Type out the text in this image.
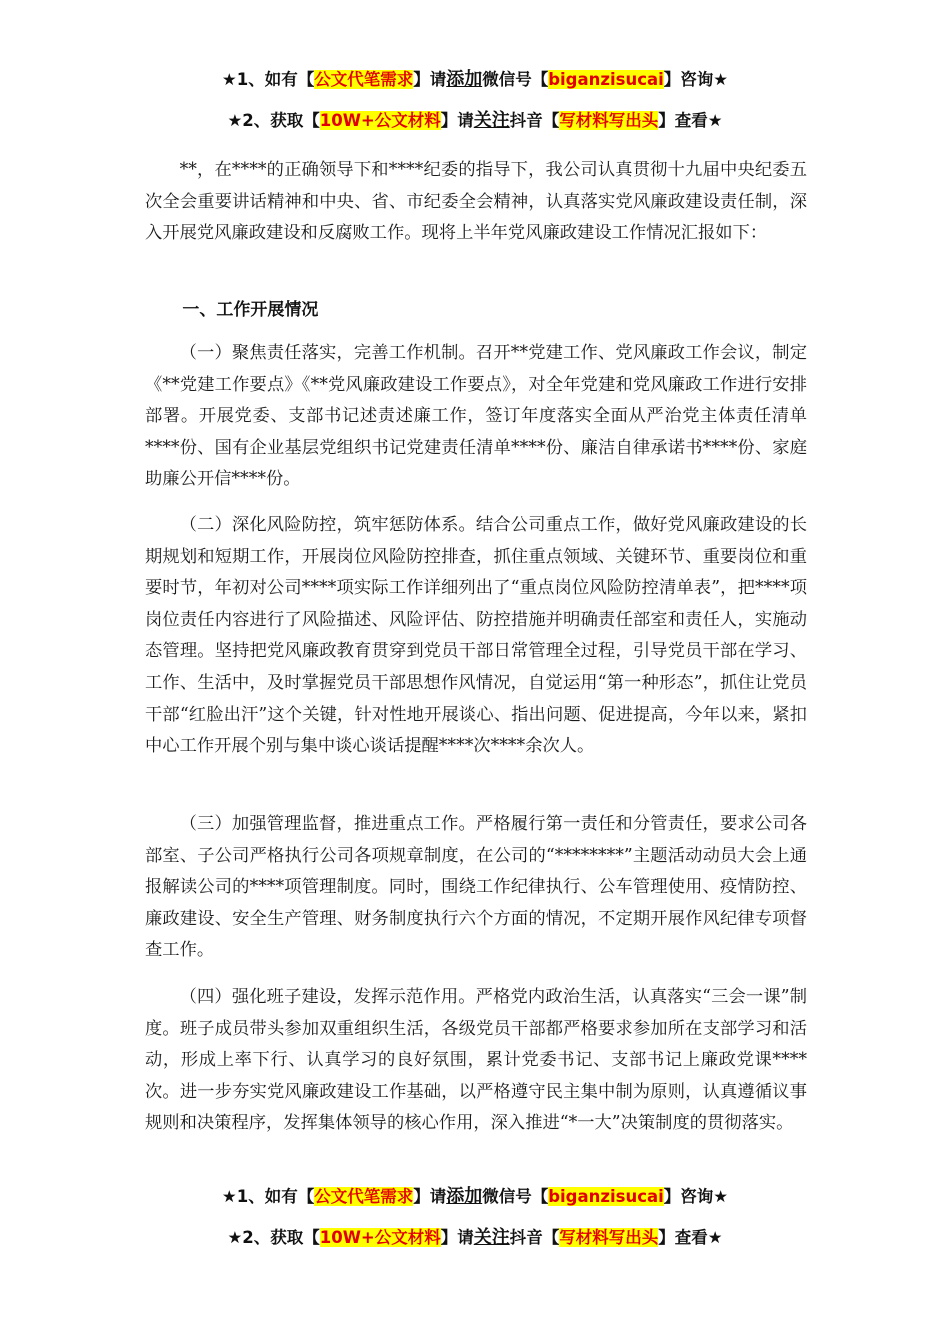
★1、如有【公文代笔需求】请添加微信号【biganzisucai】咨询★
★2、获取【10W+公文材料】请关注抖音【写材料写出头】查看★

**，在****的正确领导下和****纪委的指导下，我公司认真贯彻十九届中央纪委五次全会重要讲话精神和中央、省、市纪委全会精神，认真落实党风廉政建设责任制，深入开展党风廉政建设和反腐败工作。现将上半年党风廉政建设工作情况汇报如下：

一、工作开展情况

（一）聚焦责任落实，完善工作机制。召开**党建工作、党风廉政工作会议，制定《**党建工作要点》《**党风廉政建设工作要点》，对全年党建和党风廉政工作进行安排部署。开展党委、支部书记述责述廉工作，签订年度落实全面从严治党主体责任清单****份、国有企业基层党组织书记党建责任清单****份、廉洁自律承诺书****份、家庭助廉公开信****份。

（二）深化风险防控，筑牢惩防体系。结合公司重点工作，做好党风廉政建设的长期规划和短期工作，开展岗位风险防控排查，抓住重点领域、关键环节、重要岗位和重要时节，年初对公司****项实际工作详细列出了“重点岗位风险防控清单表”，把****项岗位责任内容进行了风险描述、风险评估、防控措施并明确责任部室和责任人，实施动态管理。坚持把党风廉政教育贯穿到党员干部日常管理全过程，引导党员干部在学习、工作、生活中，及时掌握党员干部思想作风情况，自觉运用“第一种形态”，抓住让党员干部“红脸出汗”这个关键，针对性地开展谈心、指出问题、促进提高，今年以来，紧扣中心工作开展个别与集中谈心谈话提醒****次****余次人。

（三）加强管理监督，推进重点工作。严格履行第一责任和分管责任，要求公司各部室、子公司严格执行公司各项规章制度，在公司的“********”主题活动动员大会上通报解读公司的****项管理制度。同时，围绕工作纪律执行、公车管理使用、疫情防控、廉政建设、安全生产管理、财务制度执行六个方面的情况，不定期开展作风纪律专项督查工作。

（四）强化班子建设，发挥示范作用。严格党内政治生活，认真落实“三会一课”制度。班子成员带头参加双重组织生活，各级党员干部都严格要求参加所在支部学习和活动，形成上率下行、认真学习的良好氛围，累计党委书记、支部书记上廉政党课****次。进一步夯实党风廉政建设工作基础，以严格遵守民主集中制为原则，认真遵循议事规则和决策程序，发挥集体领导的核心作用，深入推进“*一大”决策制度的贯彻落实。

★1、如有【公文代笔需求】请添加微信号【biganzisucai】咨询★
★2、获取【10W+公文材料】请关注抖音【写材料写出头】查看★
